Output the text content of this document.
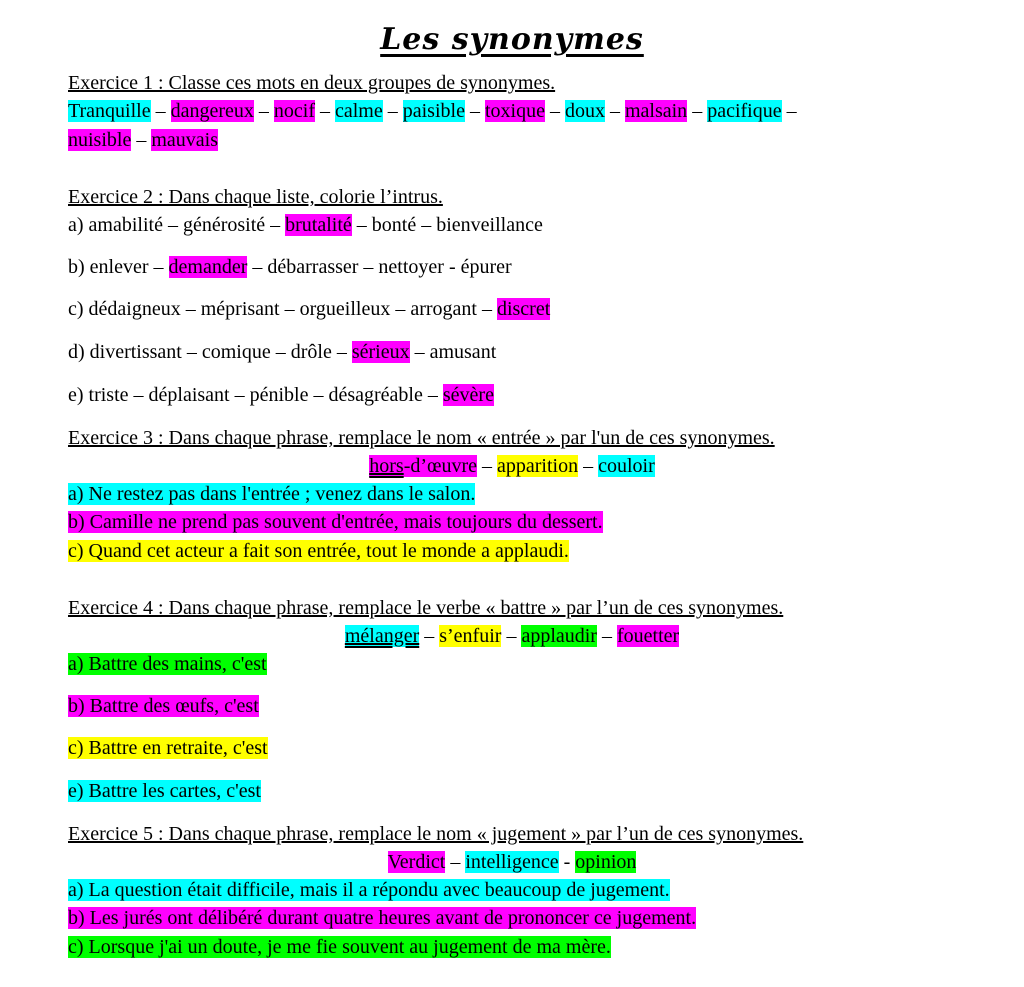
Les synonymes
Exercice 1 : Classe ces mots en deux groupes de synonymes.
Tranquille – dangereux – nocif – calme – paisible – toxique – doux – malsain – pacifique –
nuisible – mauvais
Exercice 2 : Dans chaque liste, colorie l’intrus.
a) amabilité – générosité – brutalité – bonté – bienveillance
b) enlever – demander – débarrasser – nettoyer - épurer
c) dédaigneux – méprisant – orgueilleux – arrogant – discret
d) divertissant – comique – drôle – sérieux – amusant
e) triste – déplaisant – pénible – désagréable – sévère
Exercice 3 : Dans chaque phrase, remplace le nom « entrée » par l'un de ces synonymes.
hors-d’œuvre – apparition – couloir
a) Ne restez pas dans l'entrée ; venez dans le salon.
b) Camille ne prend pas souvent d'entrée, mais toujours du dessert.
c) Quand cet acteur a fait son entrée, tout le monde a applaudi.
Exercice 4 : Dans chaque phrase, remplace le verbe « battre » par l’un de ces synonymes.
mélanger – s’enfuir – applaudir – fouetter
a) Battre des mains, c'est
b) Battre des œufs, c'est
c) Battre en retraite, c'est
e) Battre les cartes, c'est
Exercice 5 : Dans chaque phrase, remplace le nom « jugement » par l’un de ces synonymes.
Verdict – intelligence - opinion
a) La question était difficile, mais il a répondu avec beaucoup de jugement.
b) Les jurés ont délibéré durant quatre heures avant de prononcer ce jugement.
c) Lorsque j'ai un doute, je me fie souvent au jugement de ma mère.
